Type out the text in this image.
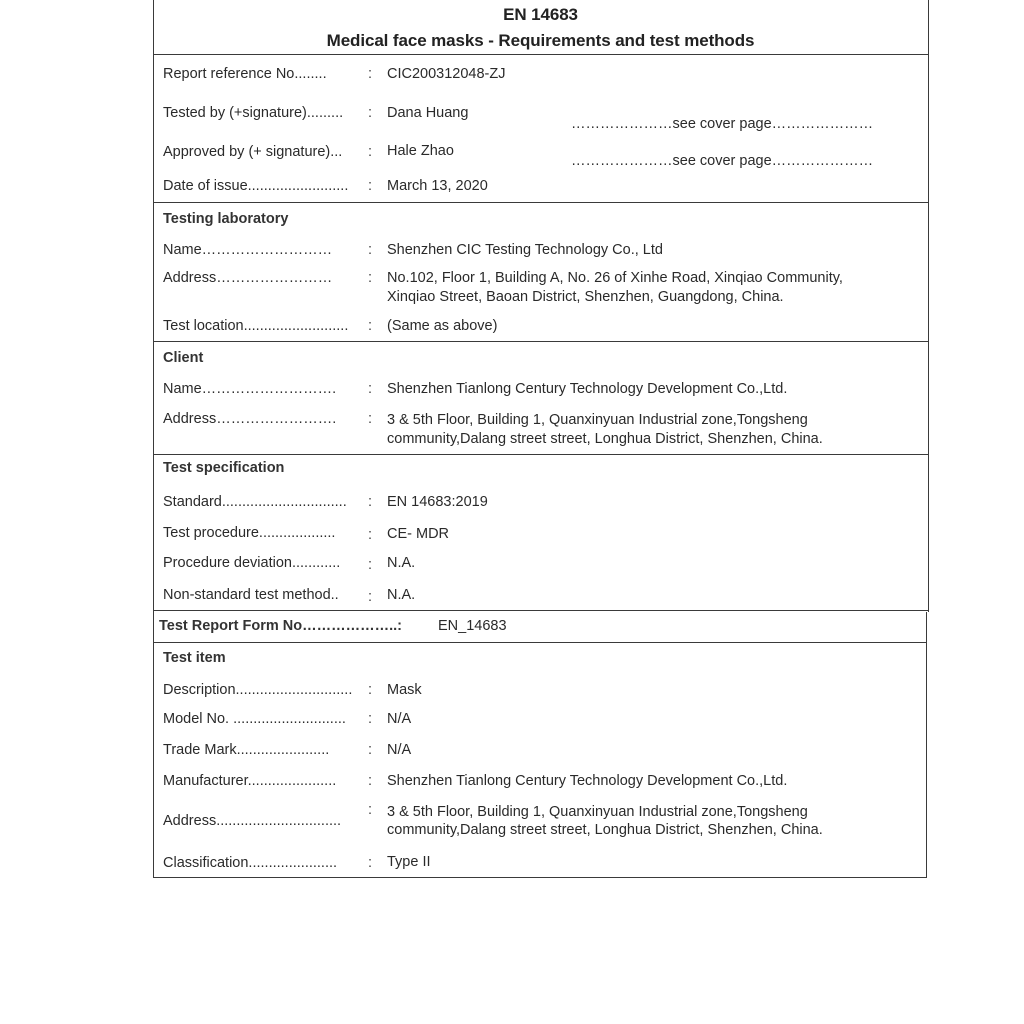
EN 14683
Medical face masks - Requirements and test methods
Report reference No........	: CIC200312048-ZJ
Tested by (+signature)......... : Dana Huang
…………………see cover page…………………
Approved by (+ signature)... : Hale Zhao
…………………see cover page…………………
Date of issue......................... : March 13, 2020
Testing laboratory
Name……………………… : Shenzhen CIC Testing Technology Co., Ltd
Address…………………… : No.102, Floor 1, Building A, No. 26 of Xinhe Road, Xinqiao Community,
Xinqiao Street, Baoan District, Shenzhen, Guangdong, China.
Test location.......................... : (Same as above)
Client
Name………………………. : Shenzhen Tianlong Century Technology Development Co.,Ltd.
Address……………………. : 3 & 5th Floor, Building 1, Quanxinyuan Industrial zone,Tongsheng
community,Dalang street street, Longhua District, Shenzhen, China.
Test specification
Standard............................... : EN 14683:2019
Test procedure................... : CE- MDR
Procedure deviation............ : N.A.
Non-standard test method.. : N.A.
Test Report Form No………………..: EN_14683
Test item
Description............................. : Mask
Model No. ............................ : N/A
Trade Mark.......................	: N/A
Manufacturer...................... : Shenzhen Tianlong Century Technology Development Co.,Ltd.
Address...............................
: 3 & 5th Floor, Building 1, Quanxinyuan Industrial zone,Tongsheng
community,Dalang street street, Longhua District, Shenzhen, China.
Classification...................... : Type II
